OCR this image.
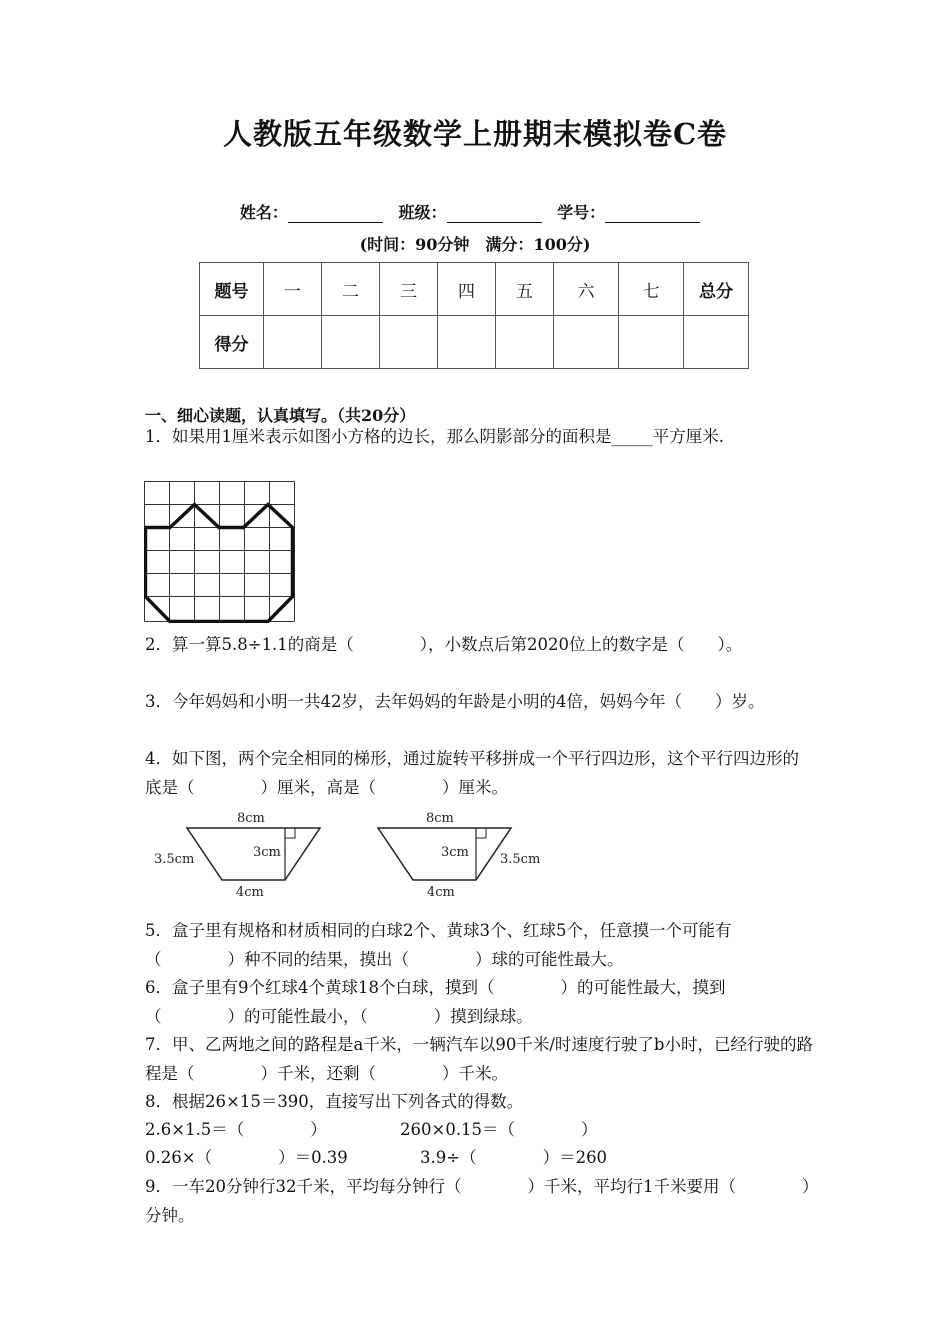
人教版五年级数学上册期末模拟卷C卷
姓名：	班级：	学号：
(时间：90分钟　满分：100分)
题号	一	二	三	四	五	六	七	总分
得分								
一、细心读题，认真填写。（共20分）
1．如果用1厘米表示如图小方格的边长，那么阴影部分的面积是_____平方厘米.
2．算一算5.8÷1.1的商是（　　　　），小数点后第2020位上的数字是（　　）。
3．今年妈妈和小明一共42岁，去年妈妈的年龄是小明的4倍，妈妈今年（　　）岁。
4．如下图，两个完全相同的梯形，通过旋转平移拼成一个平行四边形，这个平行四边形的底是（　　　　）厘米，高是（　　　　）厘米。
8cm
3cm
3.5cm
4cm
8cm
3cm 3.5cm
4cm
5．盒子里有规格和材质相同的白球2个、黄球3个、红球5个，任意摸一个可能有（　　　　）种不同的结果，摸出（　　　　）球的可能性最大。
6．盒子里有9个红球4个黄球18个白球，摸到（　　　　）的可能性最大，摸到（　　　　）的可能性最小，（　　　　）摸到绿球。
7．甲、乙两地之间的路程是a千米，一辆汽车以90千米/时速度行驶了b小时，已经行驶的路程是（　　　　）千米，还剩（　　　　）千米。
8．根据26×15＝390，直接写出下列各式的得数。
2.6×1.5＝（　　　　）	260×0.15＝（　　　　）
0.26×（　　　　）＝0.39	3.9÷（　　　　）＝260
9．一车20分钟行32千米，平均每分钟行（　　　　）千米，平均行1千米要用（　　　　）分钟。
